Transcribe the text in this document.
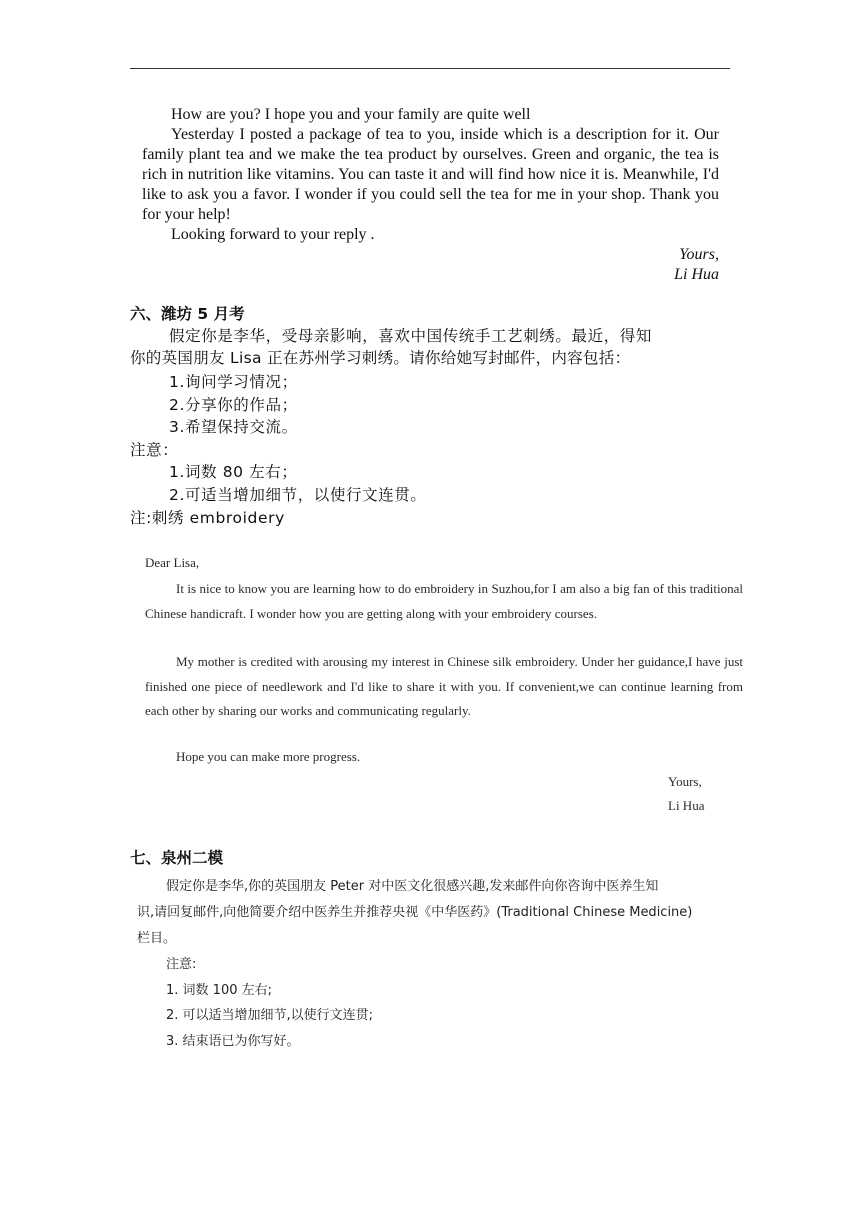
How are you? I hope you and your family are quite well
Yesterday I posted a package of tea to you, inside which is a description for it. Our family plant tea and we make the tea product by ourselves. Green and organic, the tea is rich in nutrition like vitamins. You can taste it and will find how nice it is. Meanwhile, I'd like to ask you a favor. I wonder if you could sell the tea for me in your shop. Thank you for your help!
Looking forward to your reply .
Yours,
Li Hua
六、潍坊 5 月考
假定你是李华，受母亲影响，喜欢中国传统手工艺刺绣。最近，得知
你的英国朋友 Lisa 正在苏州学习刺绣。请你给她写封邮件，内容包括：
1.询问学习情况；
2.分享你的作品；
3.希望保持交流。
注意：
1.词数 80 左右；
2.可适当增加细节，以使行文连贯。
注:刺绣 embroidery
Dear Lisa,
It is nice to know you are learning how to do embroidery in Suzhou,for I am also a big fan of this traditional Chinese handicraft. I wonder how you are getting along with your embroidery courses.
My mother is credited with arousing my interest in Chinese silk embroidery. Under her guidance,I have just finished one piece of needlework and I'd like to share it with you. If convenient,we can continue learning from each other by sharing our works and communicating regularly.
Hope you can make more progress.
Yours,
Li Hua
七、泉州二模
假定你是李华,你的英国朋友 Peter 对中医文化很感兴趣,发来邮件向你咨询中医养生知
识,请回复邮件,向他简要介绍中医养生并推荐央视《中华医药》(Traditional Chinese Medicine)
栏目。
注意:
1. 词数 100 左右;
2. 可以适当增加细节,以使行文连贯;
3. 结束语已为你写好。
